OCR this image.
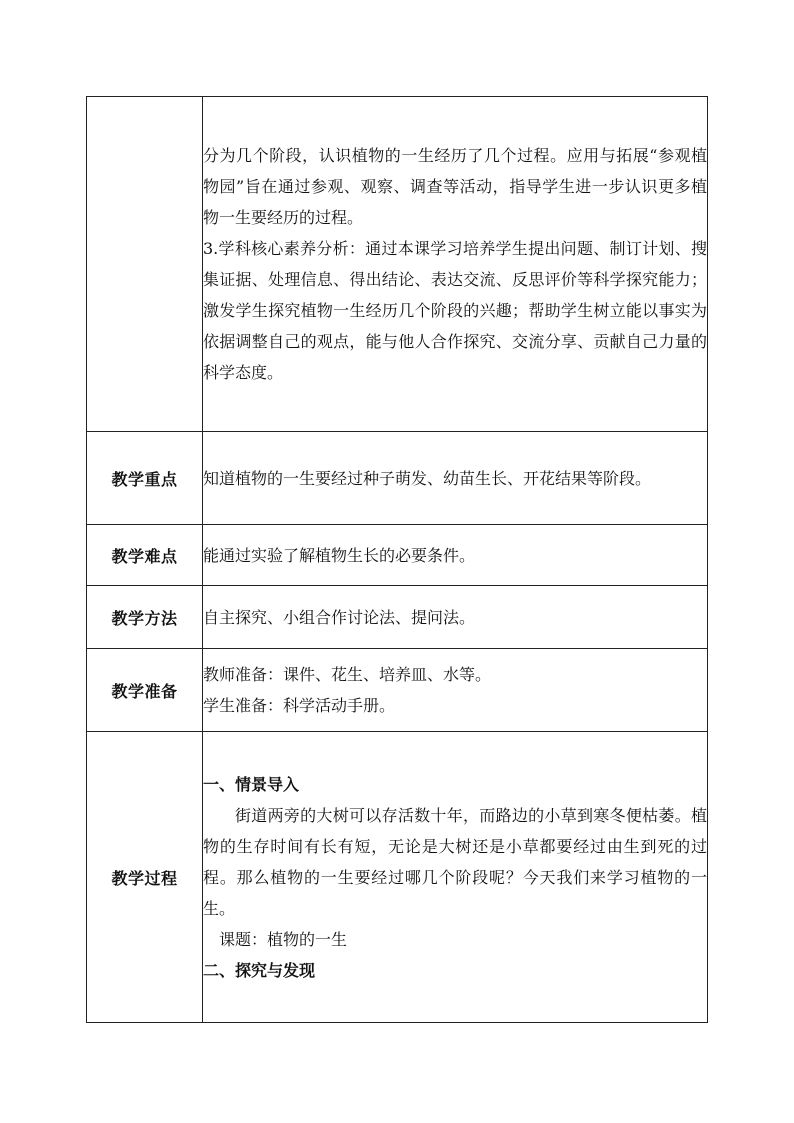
	分为几个阶段，认识植物的一生经历了几个过程。应用与拓展“参观植物园”旨在通过参观、观察、调查等活动，指导学生进一步认识更多植物一生要经历的过程。

3.学科核心素养分析：通过本课学习培养学生提出问题、制订计划、搜集证据、处理信息、得出结论、表达交流、反思评价等科学探究能力；激发学生探究植物一生经历几个阶段的兴趣；帮助学生树立能以事实为依据调整自己的观点，能与他人合作探究、交流分享、贡献自己力量的科学态度。

教学重点	知道植物的一生要经过种子萌发、幼苗生长、开花结果等阶段。
教学难点	能通过实验了解植物生长的必要条件。
教学方法	自主探究、小组合作讨论法、提问法。
教学准备	教师准备：课件、花生、培养皿、水等。

学生准备：科学活动手册。

教学过程	一、情景导入

街道两旁的大树可以存活数十年，而路边的小草到寒冬便枯萎。植物的生存时间有长有短，无论是大树还是小草都要经过由生到死的过程。那么植物的一生要经过哪几个阶段呢？今天我们来学习植物的一生。

课题：植物的一生

二、探究与发现
